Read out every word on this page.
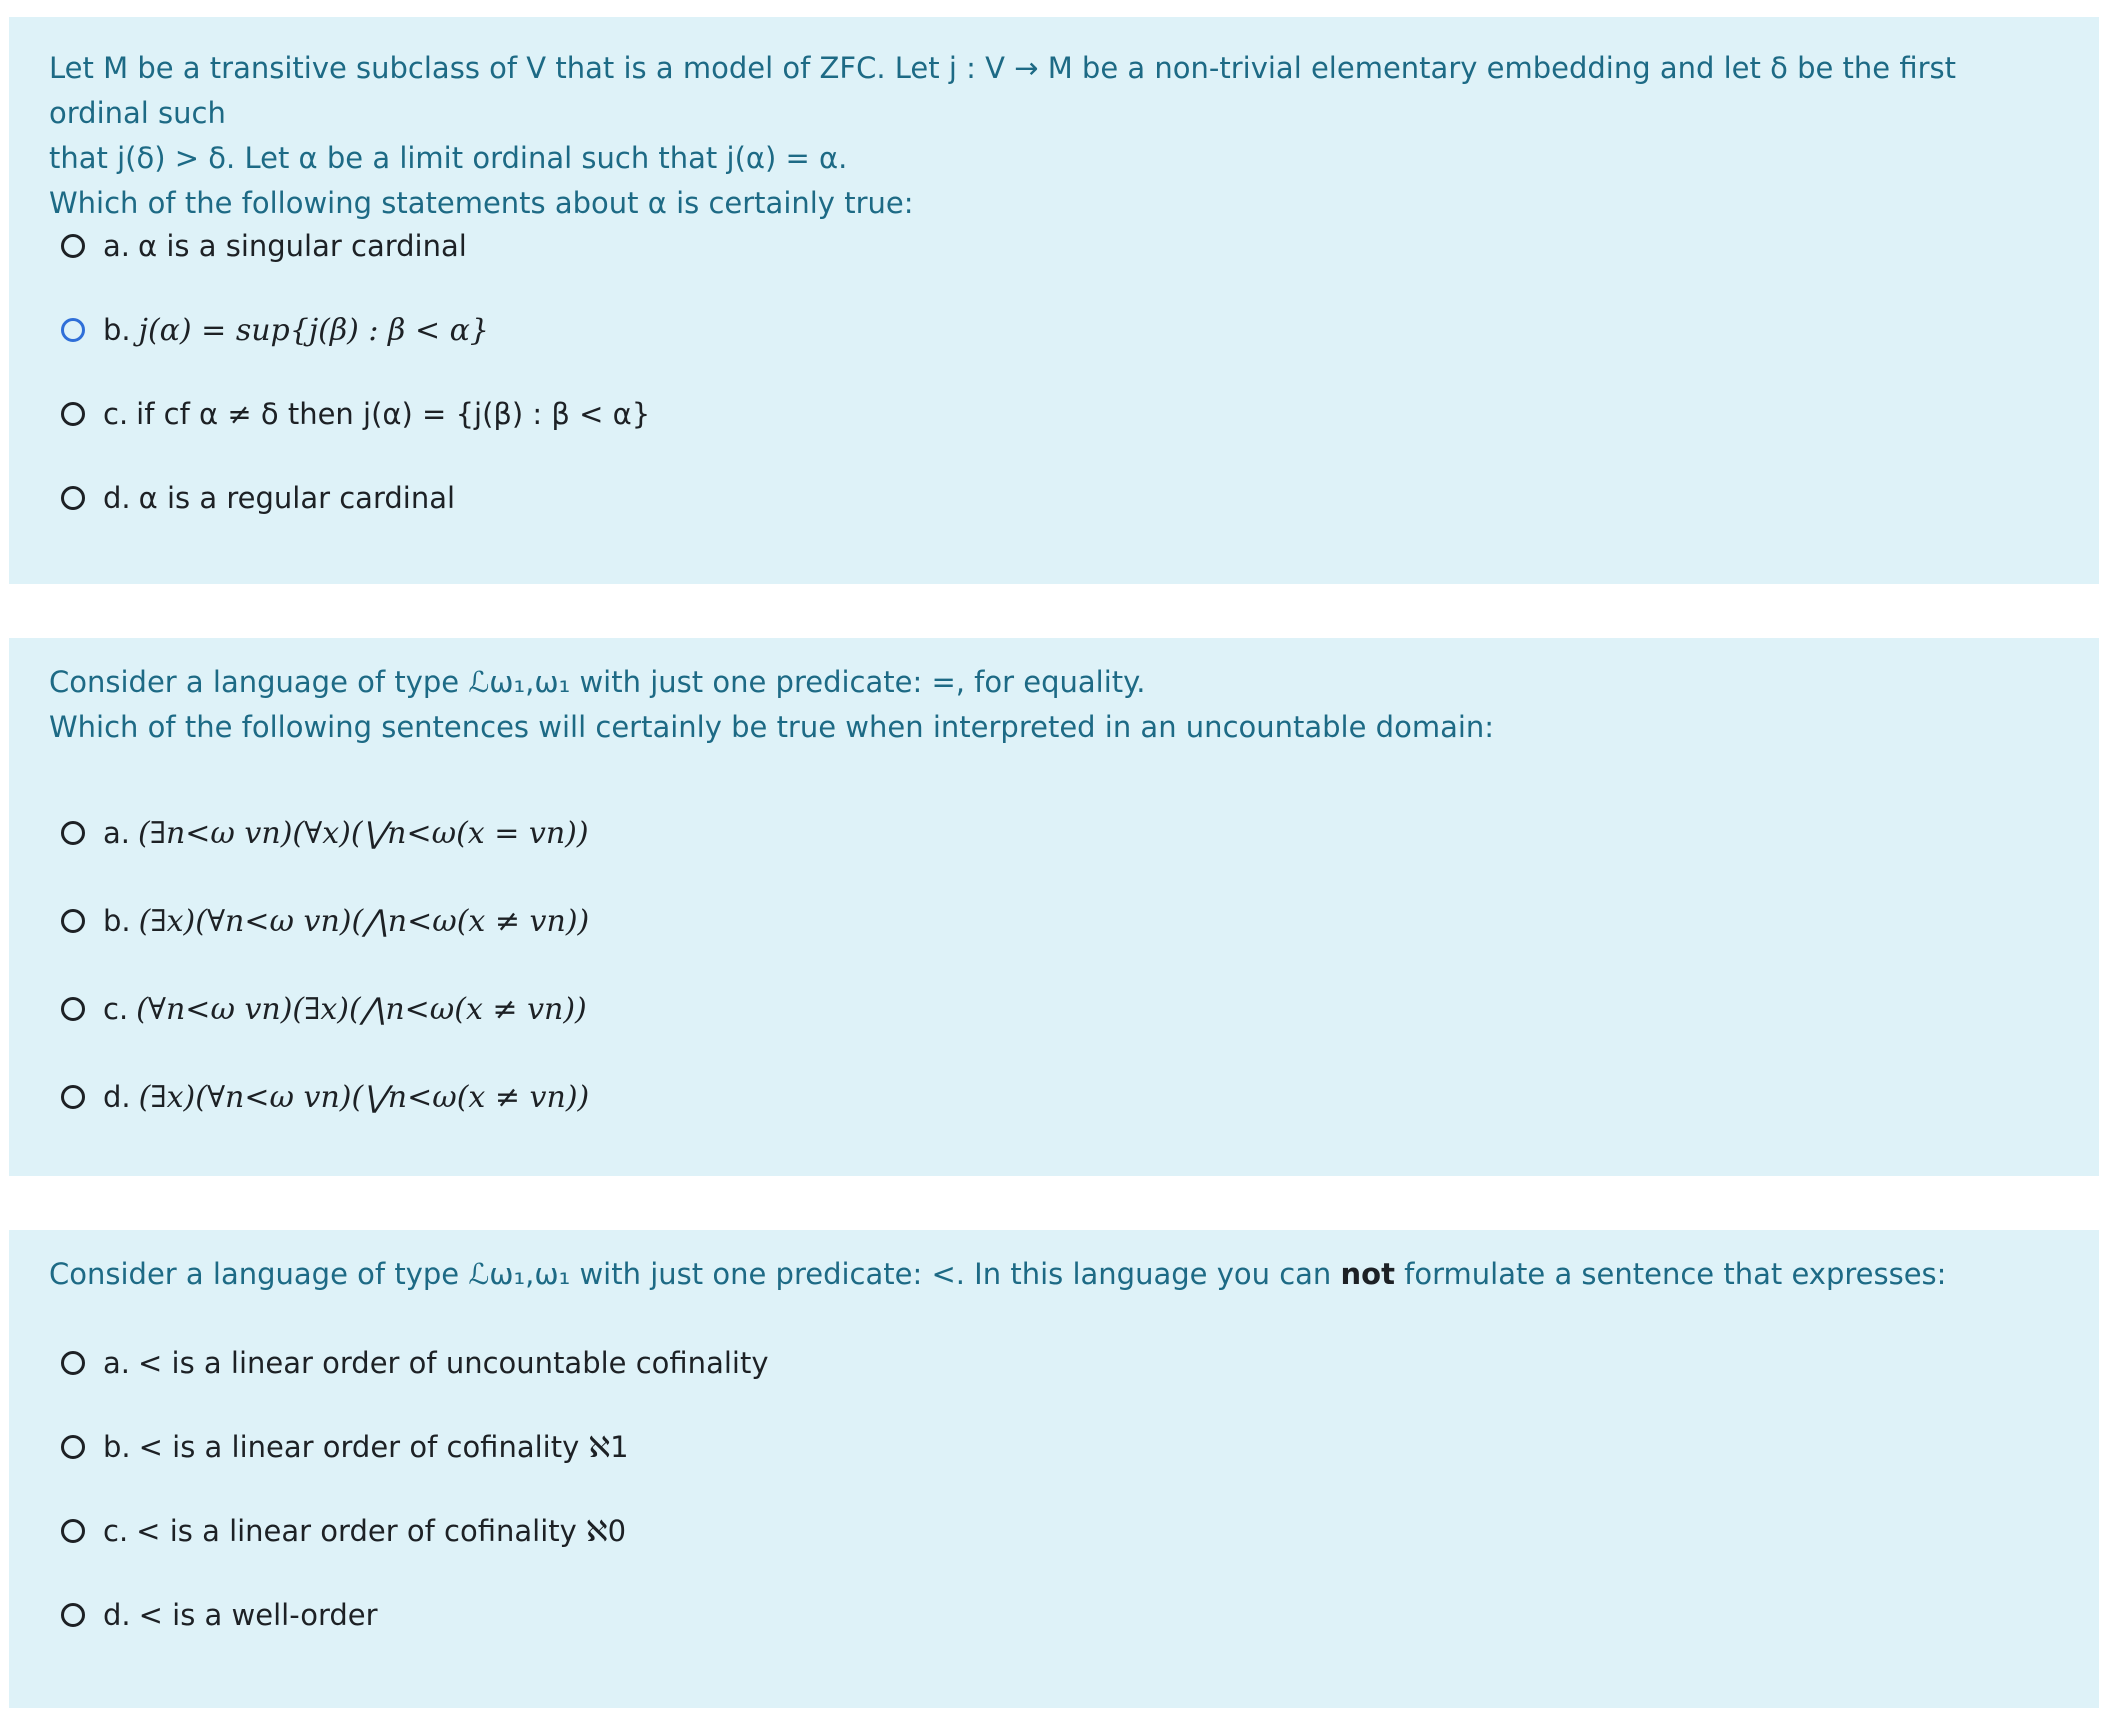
Let M be a transitive subclass of V that is a model of ZFC. Let j : V → M be a non-trivial elementary embedding and let δ be the first ordinal such

that j(δ) > δ. Let α be a limit ordinal such that j(α) = α.

Which of the following statements about α is certainly true:

a. α is a singular cardinal
b. j(α) = sup{j(β) : β < α}
c. if cf α ≠ δ then j(α) = {j(β) : β < α}
d. α is a regular cardinal

Consider a language of type ℒω₁,ω₁ with just one predicate: =, for equality.

Which of the following sentences will certainly be true when interpreted in an uncountable domain:

a. (∃n<ω vn)(∀x)(⋁n<ω(x = vn))
b. (∃x)(∀n<ω vn)(⋀n<ω(x ≠ vn))
c. (∀n<ω vn)(∃x)(⋀n<ω(x ≠ vn))
d. (∃x)(∀n<ω vn)(⋁n<ω(x ≠ vn))

Consider a language of type ℒω₁,ω₁ with just one predicate: <. In this language you can not formulate a sentence that expresses:

a. < is a linear order of uncountable cofinality
b. < is a linear order of cofinality ℵ1
c. < is a linear order of cofinality ℵ0
d. < is a well-order
